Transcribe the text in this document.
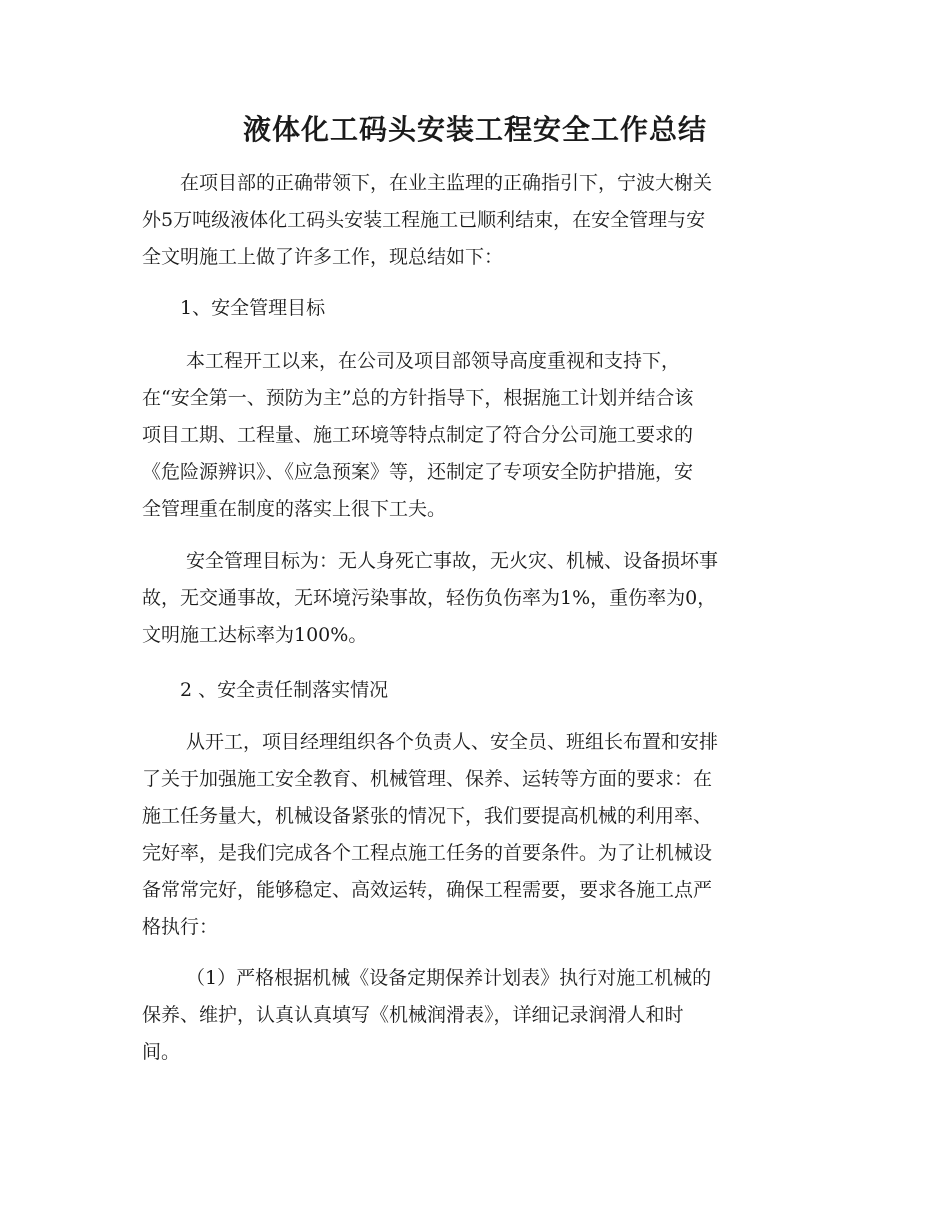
液体化工码头安装工程安全工作总结
　　在项目部的正确带领下，在业主监理的正确指引下，宁波大榭关
外5万吨级液体化工码头安装工程施工已顺利结束，在安全管理与安
全文明施工上做了许多工作，现总结如下：
　　1、安全管理目标
　　 本工程开工以来，在公司及项目部领导高度重视和支持下，
在“安全第一、预防为主”总的方针指导下，根据施工计划并结合该
项目工期、工程量、施工环境等特点制定了符合分公司施工要求的
《危险源辨识》、《应急预案》等，还制定了专项安全防护措施，安
全管理重在制度的落实上很下工夫。
　　 安全管理目标为：无人身死亡事故，无火灾、机械、设备损坏事
故，无交通事故，无环境污染事故，轻伤负伤率为1%，重伤率为0，
文明施工达标率为100%。
　　2 、安全责任制落实情况
　　 从开工，项目经理组织各个负责人、安全员、班组长布置和安排
了关于加强施工安全教育、机械管理、保养、运转等方面的要求：在
施工任务量大，机械设备紧张的情况下，我们要提高机械的利用率、
完好率，是我们完成各个工程点施工任务的首要条件。为了让机械设
备常常完好，能够稳定、高效运转，确保工程需要，要求各施工点严
格执行：
　　 （1）严格根据机械《设备定期保养计划表》执行对施工机械的
保养、维护，认真认真填写《机械润滑表》，详细记录润滑人和时
间。
